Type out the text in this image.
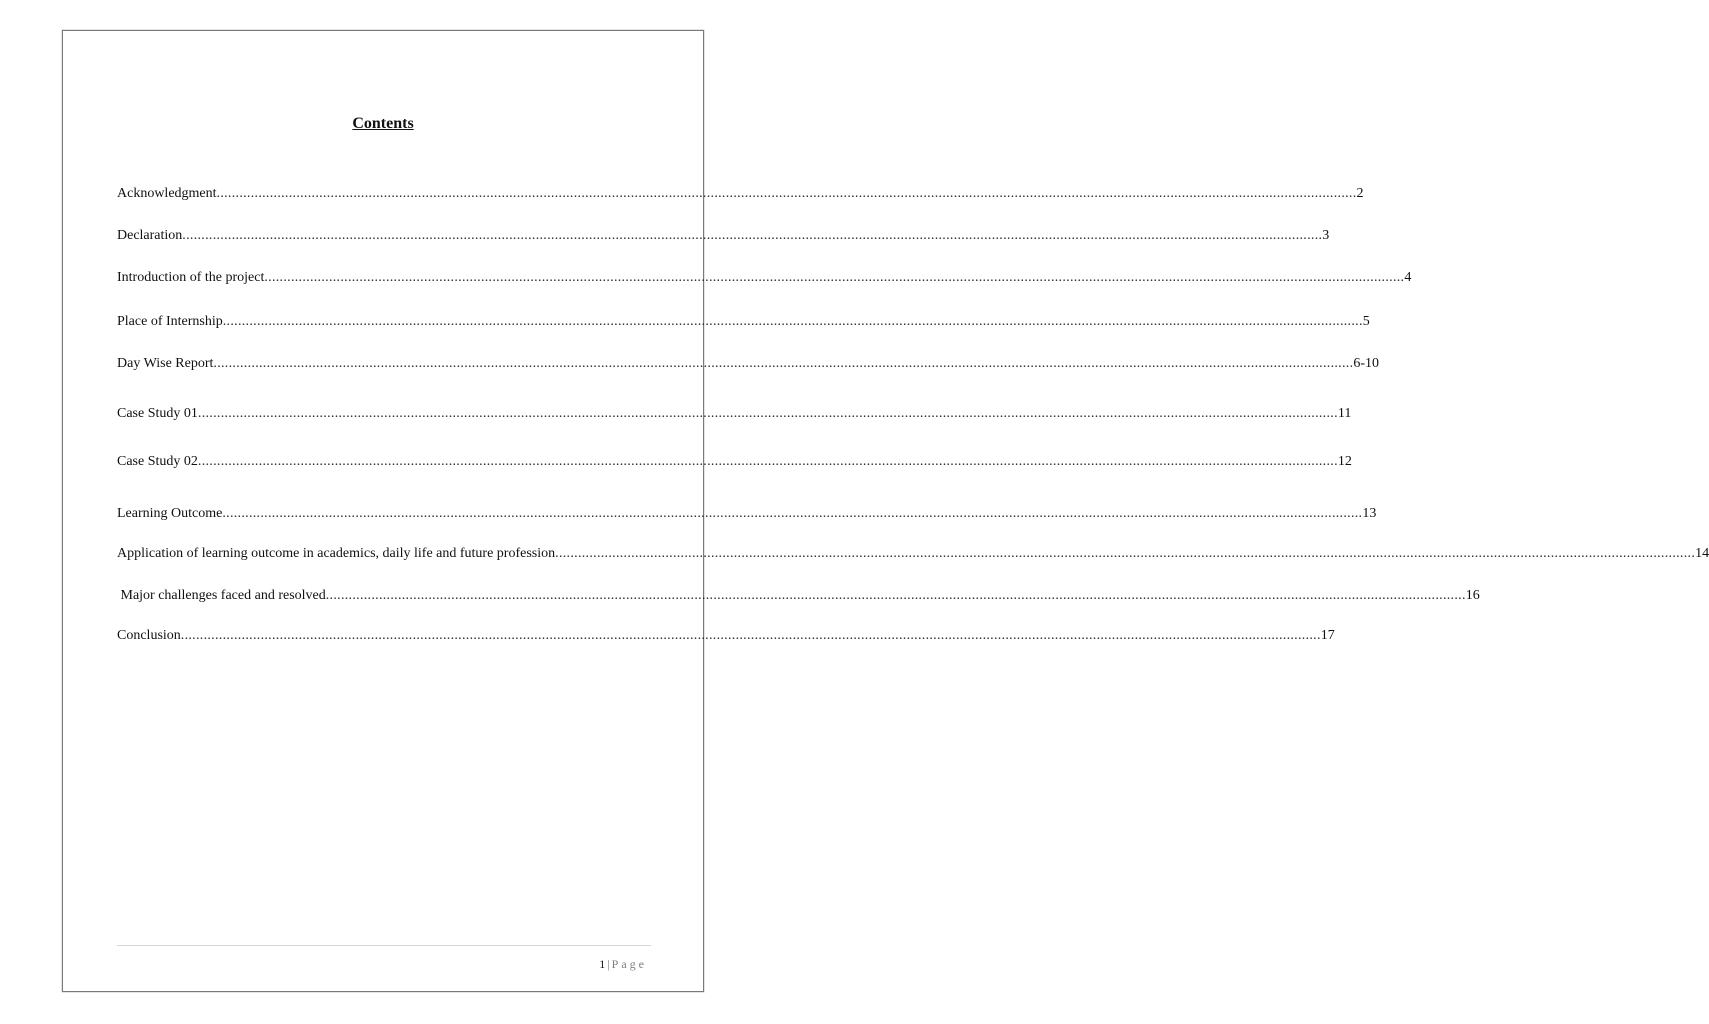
Contents
Acknowledgment ............................................................................................................................................................................................................................................................................................................ 2
Declaration ............................................................................................................................................................................................................................................................................................................ 3
Introduction of the project ............................................................................................................................................................................................................................................................................................................ 4
Place of Internship ............................................................................................................................................................................................................................................................................................................ 5
Day Wise Report ............................................................................................................................................................................................................................................................................................................ 6-10
Case Study 01 ............................................................................................................................................................................................................................................................................................................ 11
Case Study 02 ............................................................................................................................................................................................................................................................................................................ 12
Learning Outcome ............................................................................................................................................................................................................................................................................................................ 13
Application of learning outcome in academics, daily life and future profession ............................................................................................................................................................................................................................................................................................................ 14
Major challenges faced and resolved ............................................................................................................................................................................................................................................................................................................ 16
Conclusion ............................................................................................................................................................................................................................................................................................................ 17
1 | Page
